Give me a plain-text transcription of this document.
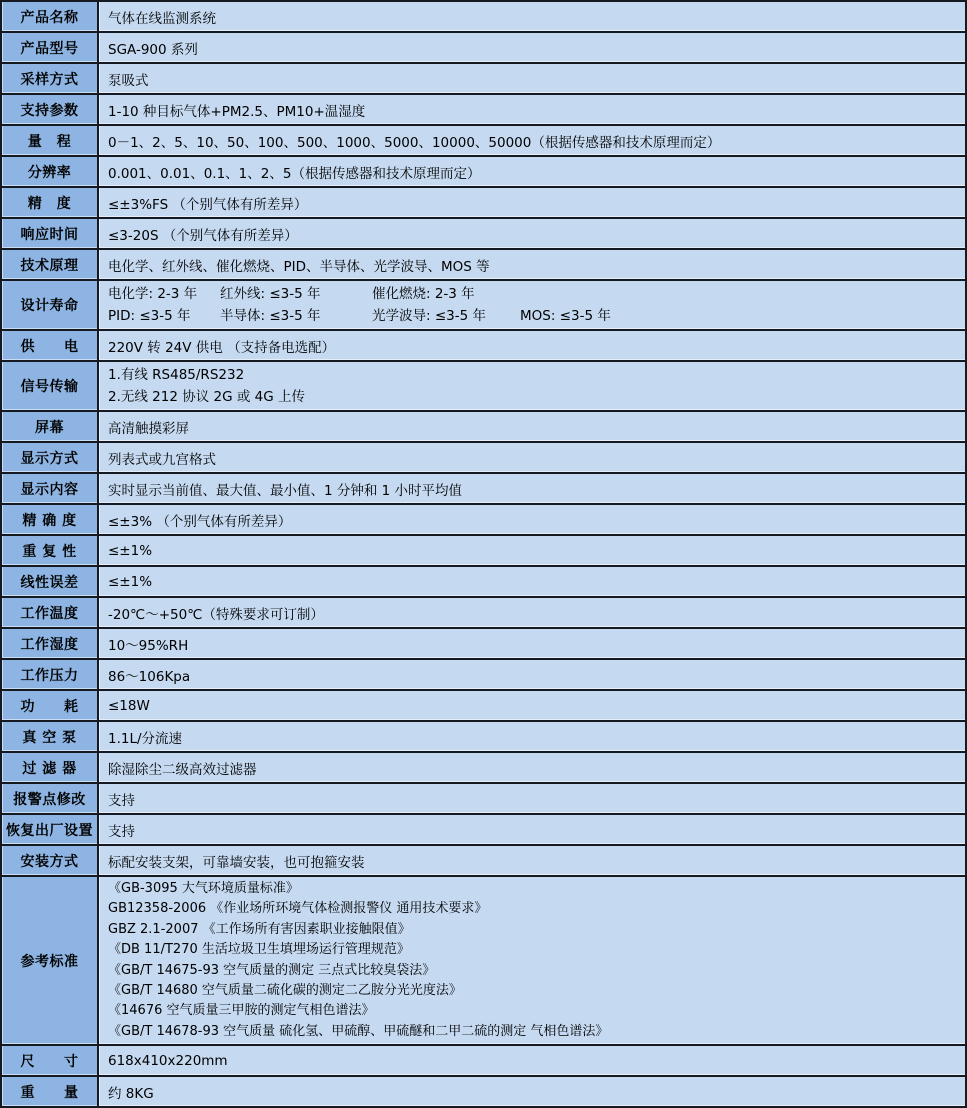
产品名称	气体在线监测系统
产品型号	SGA-900 系列
采样方式	泵吸式
支持参数	1-10 种目标气体+PM2.5、PM10+温湿度
量　程	0－1、2、5、10、50、100、500、1000、5000、10000、50000（根据传感器和技术原理而定）
分辨率	0.001、0.01、0.1、1、2、5（根据传感器和技术原理而定）
精　度	≤±3%FS （个别气体有所差异）
响应时间	≤3-20S （个别气体有所差异）
技术原理	电化学、红外线、催化燃烧、PID、半导体、光学波导、MOS 等
设计寿命	电化学: 2-3 年 红外线: ≤3-5 年 催化燃烧: 2-3 年
PID: ≤3-5 年 半导体: ≤3-5 年 光学波导: ≤3-5 年 MOS: ≤3-5 年

供　　电	220V 转 24V 供电 （支持备电选配）
信号传输	1.有线 RS485/RS232
2.无线 212 协议 2G 或 4G 上传

屏幕	高清触摸彩屏
显示方式	列表式或九宫格式
显示内容	实时显示当前值、最大值、最小值、1 分钟和 1 小时平均值
精 确 度	≤±3% （个别气体有所差异）
重 复 性	≤±1%
线性误差	≤±1%
工作温度	-20℃～+50℃（特殊要求可订制）
工作湿度	10～95%RH
工作压力	86～106Kpa
功　　耗	≤18W
真 空 泵	1.1L/分流速
过 滤 器	除湿除尘二级高效过滤器
报警点修改	支持
恢复出厂设置	支持
安装方式	标配安装支架，可靠墙安装，也可抱箍安装
参考标准	
《GB-3095 大气环境质量标准》
GB12358-2006 《作业场所环境气体检测报警仪 通用技术要求》
GBZ 2.1-2007 《工作场所有害因素职业接触限值》
《DB 11/T270 生活垃圾卫生填埋场运行管理规范》
《GB/T 14675-93 空气质量的测定 三点式比较臭袋法》
《GB/T 14680 空气质量二硫化碳的测定二乙胺分光光度法》
《14676 空气质量三甲胺的测定气相色谱法》
《GB/T 14678-93 空气质量 硫化氢、甲硫醇、甲硫醚和二甲二硫的测定 气相色谱法》

尺　　寸	618x410x220mm
重　　量	约 8KG
